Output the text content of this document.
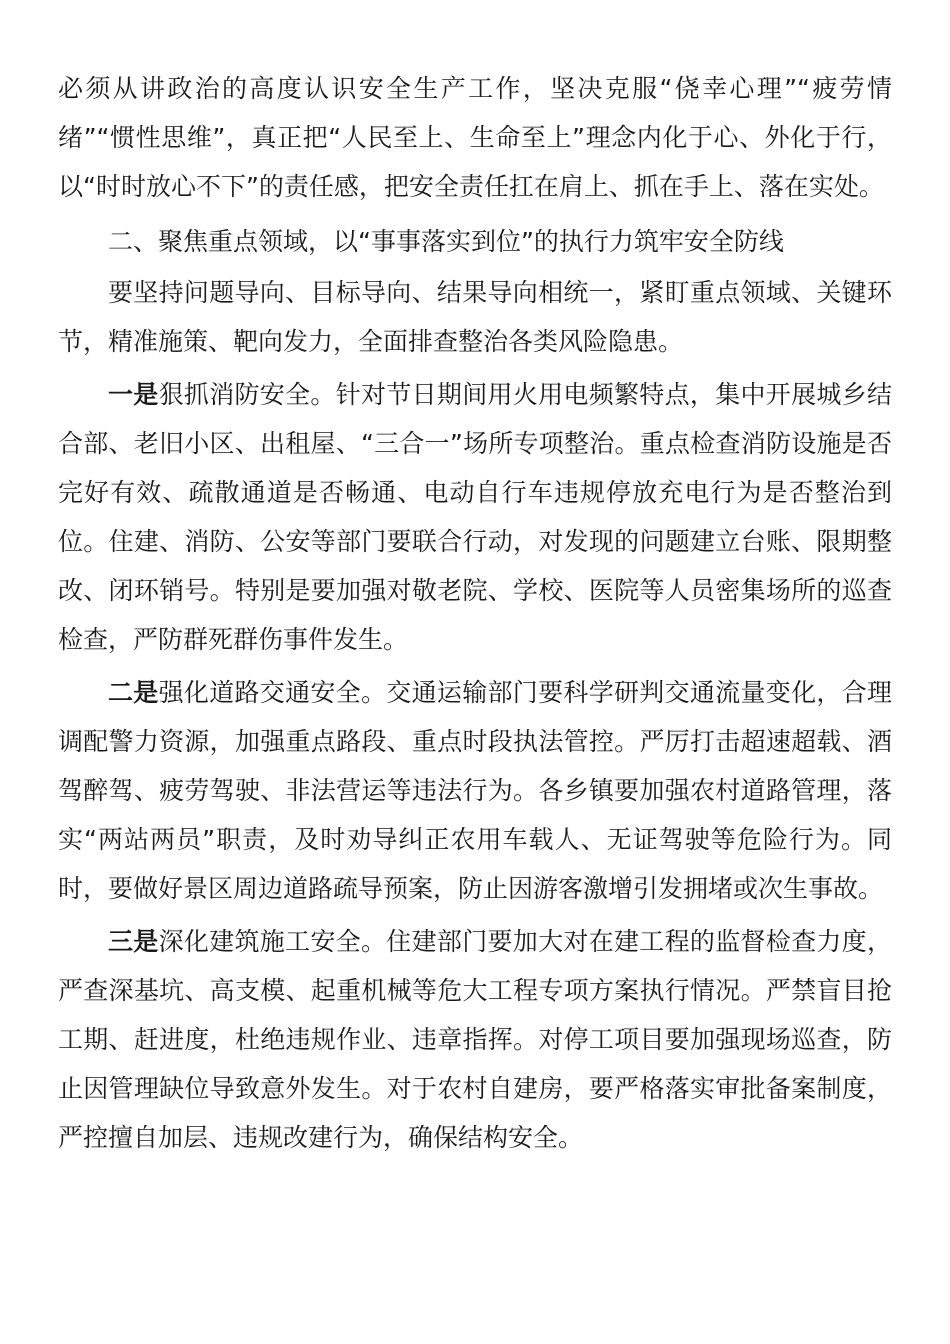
必须从讲政治的高度认识安全生产工作，坚决克服“侥幸心理”“疲劳情绪”“惯性思维”，真正把“人民至上、生命至上”理念内化于心、外化于行，以“时时放心不下”的责任感，把安全责任扛在肩上、抓在手上、落在实处。

二、聚焦重点领域，以“事事落实到位”的执行力筑牢安全防线

要坚持问题导向、目标导向、结果导向相统一，紧盯重点领域、关键环节，精准施策、靶向发力，全面排查整治各类风险隐患。

一是狠抓消防安全。针对节日期间用火用电频繁特点，集中开展城乡结合部、老旧小区、出租屋、“三合一”场所专项整治。重点检查消防设施是否完好有效、疏散通道是否畅通、电动自行车违规停放充电行为是否整治到位。住建、消防、公安等部门要联合行动，对发现的问题建立台账、限期整改、闭环销号。特别是要加强对敬老院、学校、医院等人员密集场所的巡查检查，严防群死群伤事件发生。

二是强化道路交通安全。交通运输部门要科学研判交通流量变化，合理调配警力资源，加强重点路段、重点时段执法管控。严厉打击超速超载、酒驾醉驾、疲劳驾驶、非法营运等违法行为。各乡镇要加强农村道路管理，落实“两站两员”职责，及时劝导纠正农用车载人、无证驾驶等危险行为。同时，要做好景区周边道路疏导预案，防止因游客激增引发拥堵或次生事故。

三是深化建筑施工安全。住建部门要加大对在建工程的监督检查力度，严查深基坑、高支模、起重机械等危大工程专项方案执行情况。严禁盲目抢工期、赶进度，杜绝违规作业、违章指挥。对停工项目要加强现场巡查，防止因管理缺位导致意外发生。对于农村自建房，要严格落实审批备案制度，严控擅自加层、违规改建行为，确保结构安全。
